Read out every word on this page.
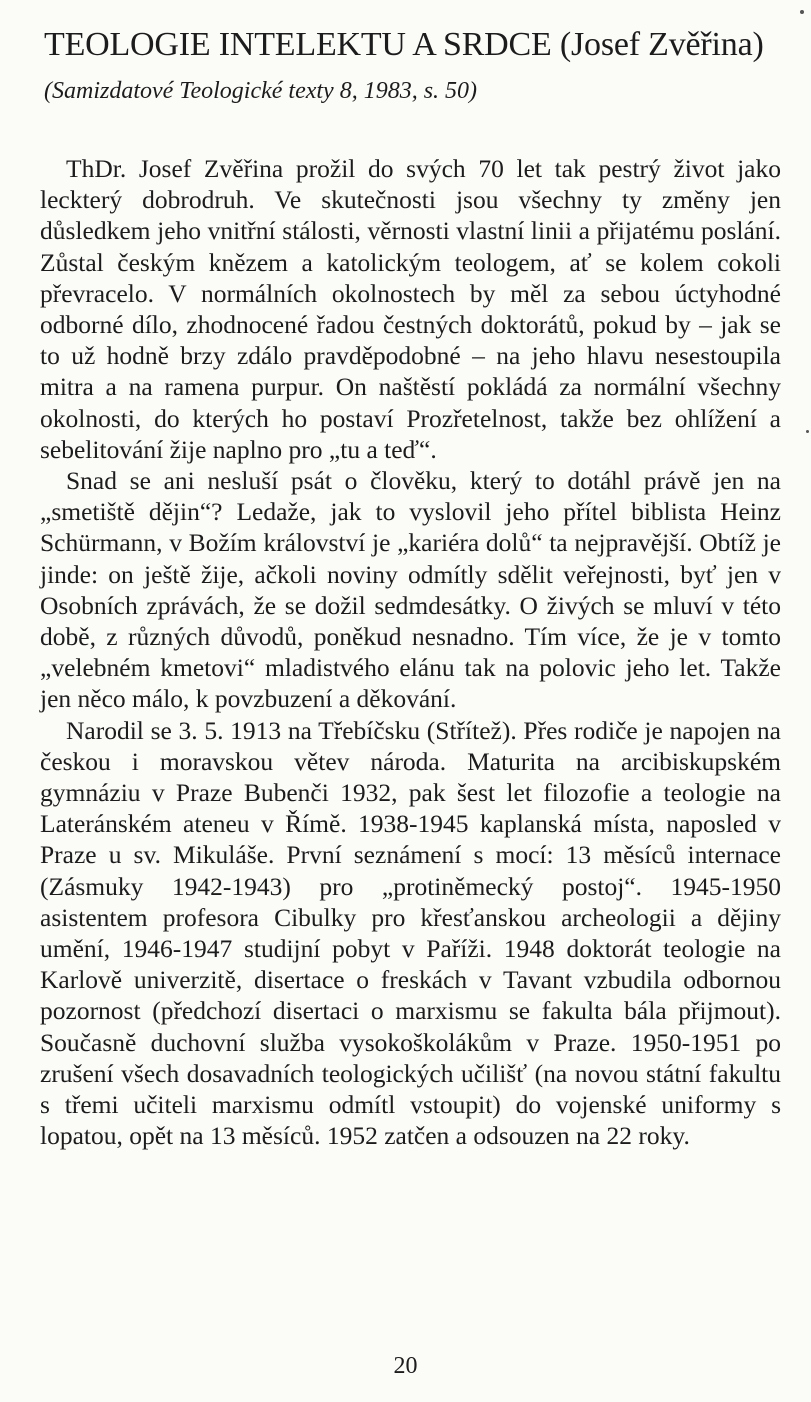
TEOLOGIE INTELEKTU A SRDCE (Josef Zvěřina)

(Samizdatové Teologické texty 8, 1983, s. 50)

ThDr. Josef Zvěřina prožil do svých 70 let tak pestrý život jako leckterý dobrodruh. Ve skutečnosti jsou všechny ty změny jen důsledkem jeho vnitřní stálosti, věrnosti vlastní linii a přijatému poslání. Zůstal českým knězem a katolickým teologem, ať se kolem cokoli převracelo. V normálních okolnostech by měl za sebou úctyhodné odborné dílo, zhodnocené řadou čestných doktorátů, pokud by – jak se to už hodně brzy zdálo pravděpodobné – na jeho hlavu nesestoupila mitra a na ramena purpur. On naštěstí pokládá za normální všechny okolnosti, do kterých ho postaví Prozřetelnost, takže bez ohlížení a sebelitování žije naplno pro „tu a teď“.

Snad se ani nesluší psát o člověku, který to dotáhl právě jen na „smetiště dějin“? Ledaže, jak to vyslovil jeho přítel biblista Heinz Schürmann, v Božím království je „kariéra dolů“ ta nejpravější. Obtíž je jinde: on ještě žije, ačkoli noviny odmítly sdělit veřejnosti, byť jen v Osobních zprávách, že se dožil sedmdesátky. O živých se mluví v této době, z různých důvodů, poněkud nesnadno. Tím více, že je v tomto „velebném kmetovi“ mladistvého elánu tak na polovic jeho let. Takže jen něco málo, k povzbuzení a děkování.

Narodil se 3. 5. 1913 na Třebíčsku (Střítež). Přes rodiče je napojen na českou i moravskou větev národa. Maturita na arcibiskupském gymnáziu v Praze Bubenči 1932, pak šest let filozofie a teologie na Lateránském ateneu v Římě. 1938-1945 kaplanská místa, naposled v Praze u sv. Mikuláše. První seznámení s mocí: 13 měsíců internace (Zásmuky 1942-1943) pro „protiněmecký postoj“. 1945-1950 asistentem profesora Cibulky pro křesťanskou archeologii a dějiny umění, 1946-1947 studijní pobyt v Paříži. 1948 doktorát teologie na Karlově univerzitě, disertace o freskách v Tavant vzbudila odbornou pozornost (předchozí disertaci o marxismu se fakulta bála přijmout). Současně duchovní služba vysokoškolákům v Praze. 1950-1951 po zrušení všech dosavadních teologických učilišť (na novou státní fakultu s třemi učiteli marxismu odmítl vstoupit) do vojenské uniformy s lopatou, opět na 13 měsíců. 1952 zatčen a odsouzen na 22 roky.

20
